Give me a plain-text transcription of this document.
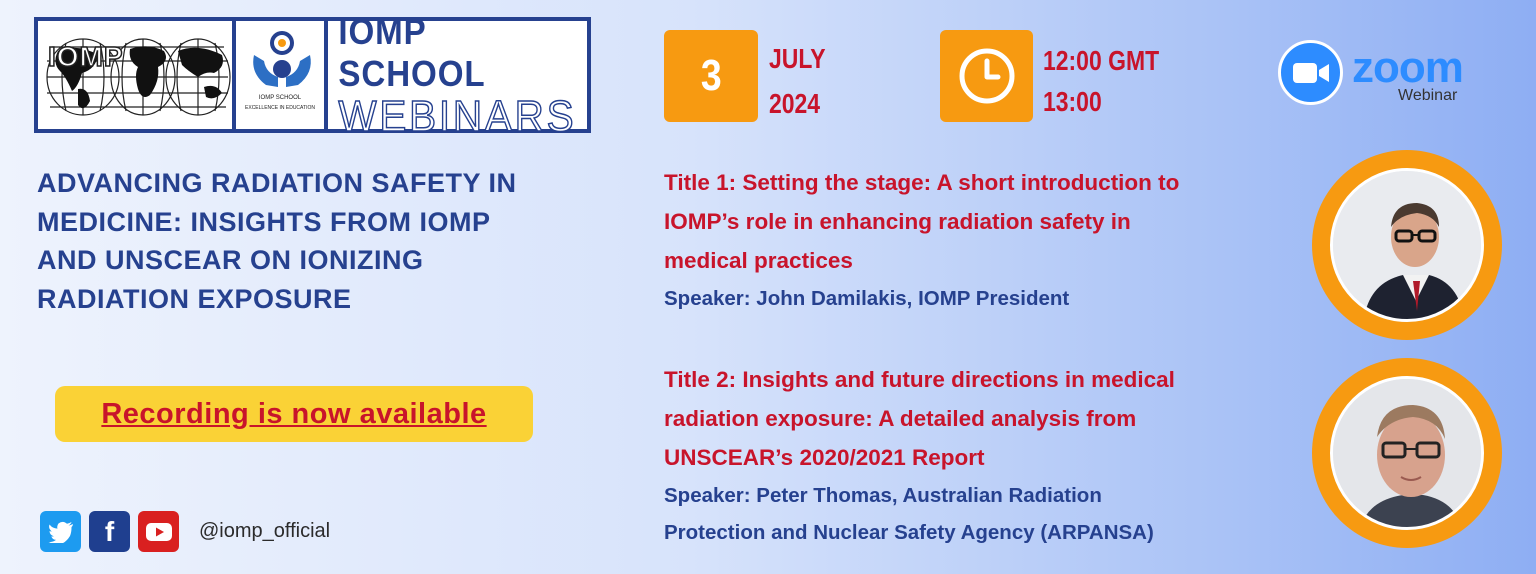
IOMP
IOMP SCHOOL
EXCELLENCE IN EDUCATION
IOMP SCHOOL
WEBINARS
ADVANCING RADIATION SAFETY IN
MEDICINE: INSIGHTS FROM IOMP
AND UNSCEAR ON IONIZING
RADIATION EXPOSURE
Recording is now available
f	@iomp_official
3 JULY
2024
12:00 GMT
13:00
zoom
Webinar
Title 1: Setting the stage: A short introduction to
IOMP’s role in enhancing radiation safety in
medical practices
Speaker: John Damilakis, IOMP President
Title 2: Insights and future directions in medical
radiation exposure: A detailed analysis from
UNSCEAR’s 2020/2021 Report
Speaker: Peter Thomas, Australian Radiation
Protection and Nuclear Safety Agency (ARPANSA)
